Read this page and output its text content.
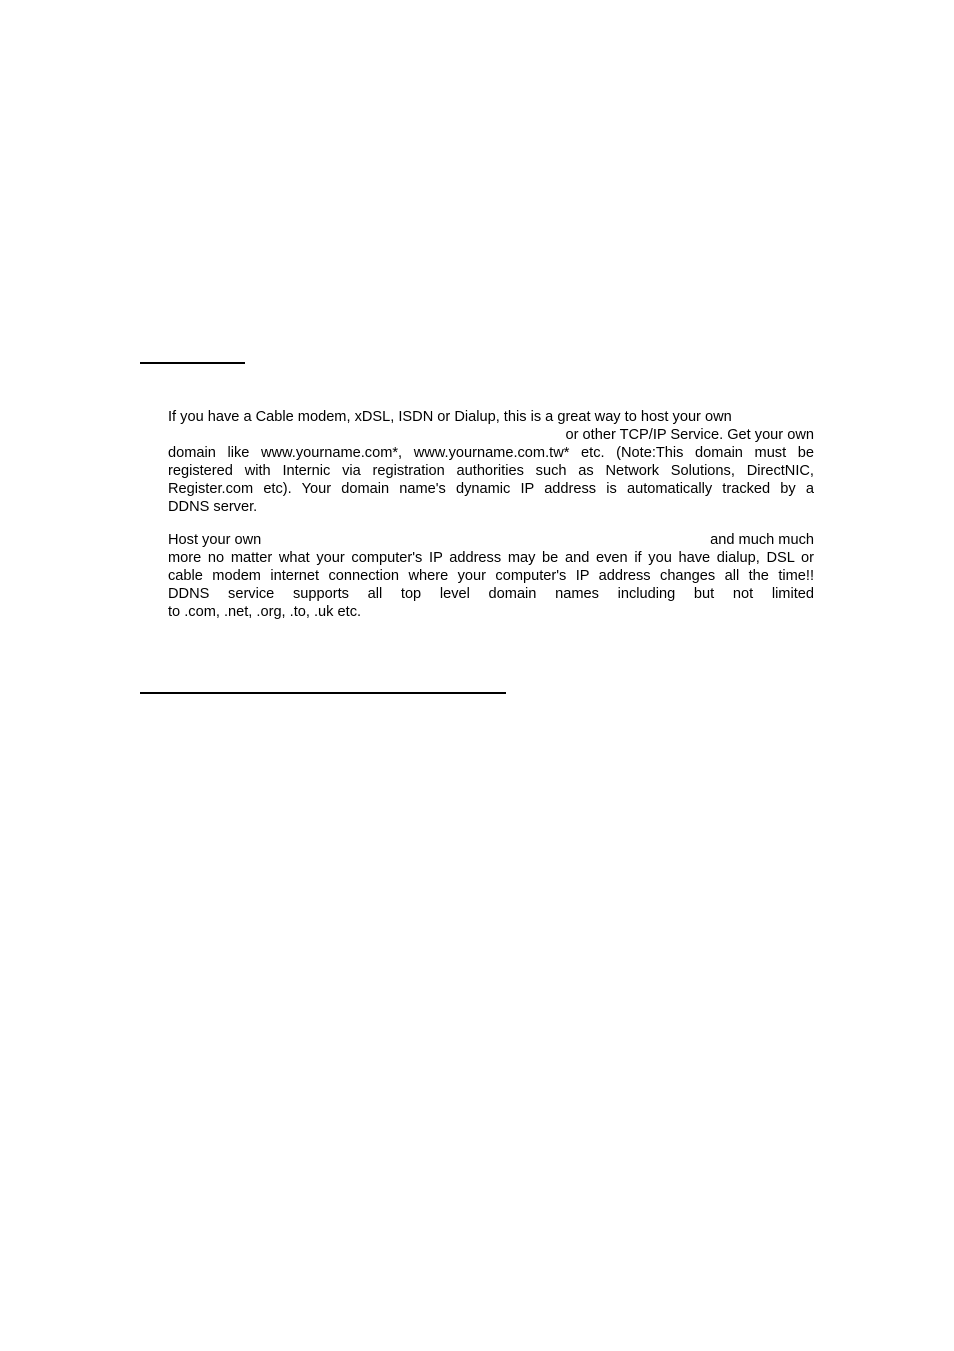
If you have a Cable modem, xDSL, ISDN or Dialup, this is a great way to host your own
or other TCP/IP Service. Get your own
domain like www.yourname.com*, www.yourname.com.tw* etc. (Note:This domain must be
registered with Internic via registration authorities such as Network Solutions, DirectNIC,
Register.com etc). Your domain name's dynamic IP address is automatically tracked by a
DDNS server.
Host your own	and much much
more no matter what your computer's IP address may be and even if you have dialup, DSL or
cable modem internet connection where your computer's IP address changes all the time!!
DDNS service supports all top level domain names including but not limited
to .com, .net, .org, .to, .uk etc.
